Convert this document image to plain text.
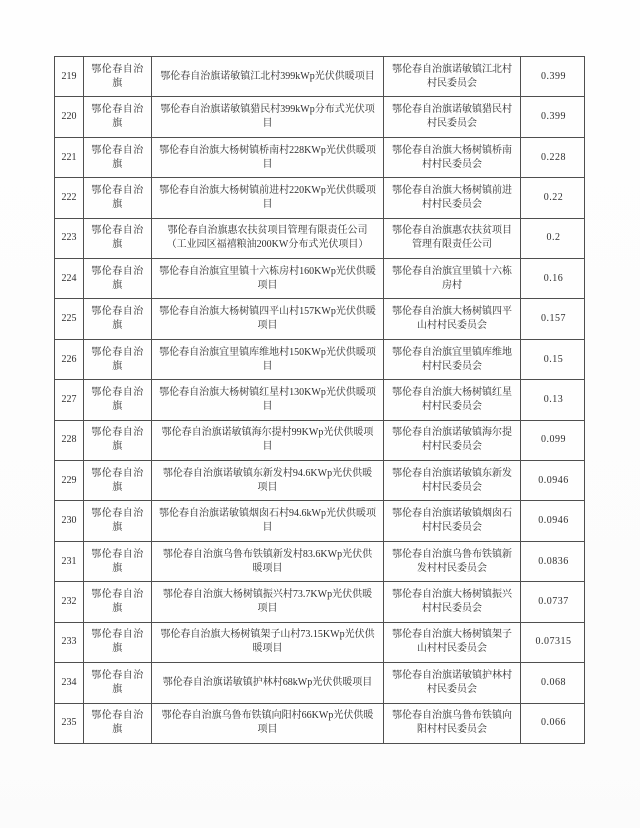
219
鄂伦春自治旗
鄂伦春自治旗诺敏镇江北村399kWp光伏供暖项目
鄂伦春自治旗诺敏镇江北村村民委员会
0.399
220
鄂伦春自治旗
鄂伦春自治旗诺敏镇猎民村399kWp分布式光伏项目
鄂伦春自治旗诺敏镇猎民村村民委员会
0.399
221
鄂伦春自治旗
鄂伦春自治旗大杨树镇桥南村228KWp光伏供暖项目
鄂伦春自治旗大杨树镇桥南村村民委员会
0.228
222
鄂伦春自治旗
鄂伦春自治旗大杨树镇前进村220KWp光伏供暖项目
鄂伦春自治旗大杨树镇前进村村民委员会
0.22
223
鄂伦春自治旗
鄂伦春自治旗惠农扶贫项目管理有限责任公司（工业园区福禧粮油200KW分布式光伏项目）
鄂伦春自治旗惠农扶贫项目管理有限责任公司
0.2
224
鄂伦春自治旗
鄂伦春自治旗宜里镇十六栋房村160KWp光伏供暖项目
鄂伦春自治旗宜里镇十六栋房村
0.16
225
鄂伦春自治旗
鄂伦春自治旗大杨树镇四平山村157KWp光伏供暖项目
鄂伦春自治旗大杨树镇四平山村村民委员会
0.157
226
鄂伦春自治旗
鄂伦春自治旗宜里镇库维地村150KWp光伏供暖项目
鄂伦春自治旗宜里镇库维地村村民委员会
0.15
227
鄂伦春自治旗
鄂伦春自治旗大杨树镇红星村130KWp光伏供暖项目
鄂伦春自治旗大杨树镇红星村村民委员会
0.13
228
鄂伦春自治旗
鄂伦春自治旗诺敏镇海尔提村99KWp光伏供暖项目
鄂伦春自治旗诺敏镇海尔提村村民委员会
0.099
229
鄂伦春自治旗
鄂伦春自治旗诺敏镇东新发村94.6KWp光伏供暖项目
鄂伦春自治旗诺敏镇东新发村村民委员会
0.0946
230
鄂伦春自治旗
鄂伦春自治旗诺敏镇烟囱石村94.6kWp光伏供暖项目
鄂伦春自治旗诺敏镇烟囱石村村民委员会
0.0946
231
鄂伦春自治旗
鄂伦春自治旗乌鲁布铁镇新发村83.6KWp光伏供暖项目
鄂伦春自治旗乌鲁布铁镇新发村村民委员会
0.0836
232
鄂伦春自治旗
鄂伦春自治旗大杨树镇振兴村73.7KWp光伏供暖项目
鄂伦春自治旗大杨树镇振兴村村民委员会
0.0737
233
鄂伦春自治旗
鄂伦春自治旗大杨树镇架子山村73.15KWp光伏供暖项目
鄂伦春自治旗大杨树镇架子山村村民委员会
0.07315
234
鄂伦春自治旗
鄂伦春自治旗诺敏镇护林村68kWp光伏供暖项目
鄂伦春自治旗诺敏镇护林村村民委员会
0.068
235
鄂伦春自治旗
鄂伦春自治旗乌鲁布铁镇向阳村66KWp光伏供暖项目
鄂伦春自治旗乌鲁布铁镇向阳村村民委员会
0.066
